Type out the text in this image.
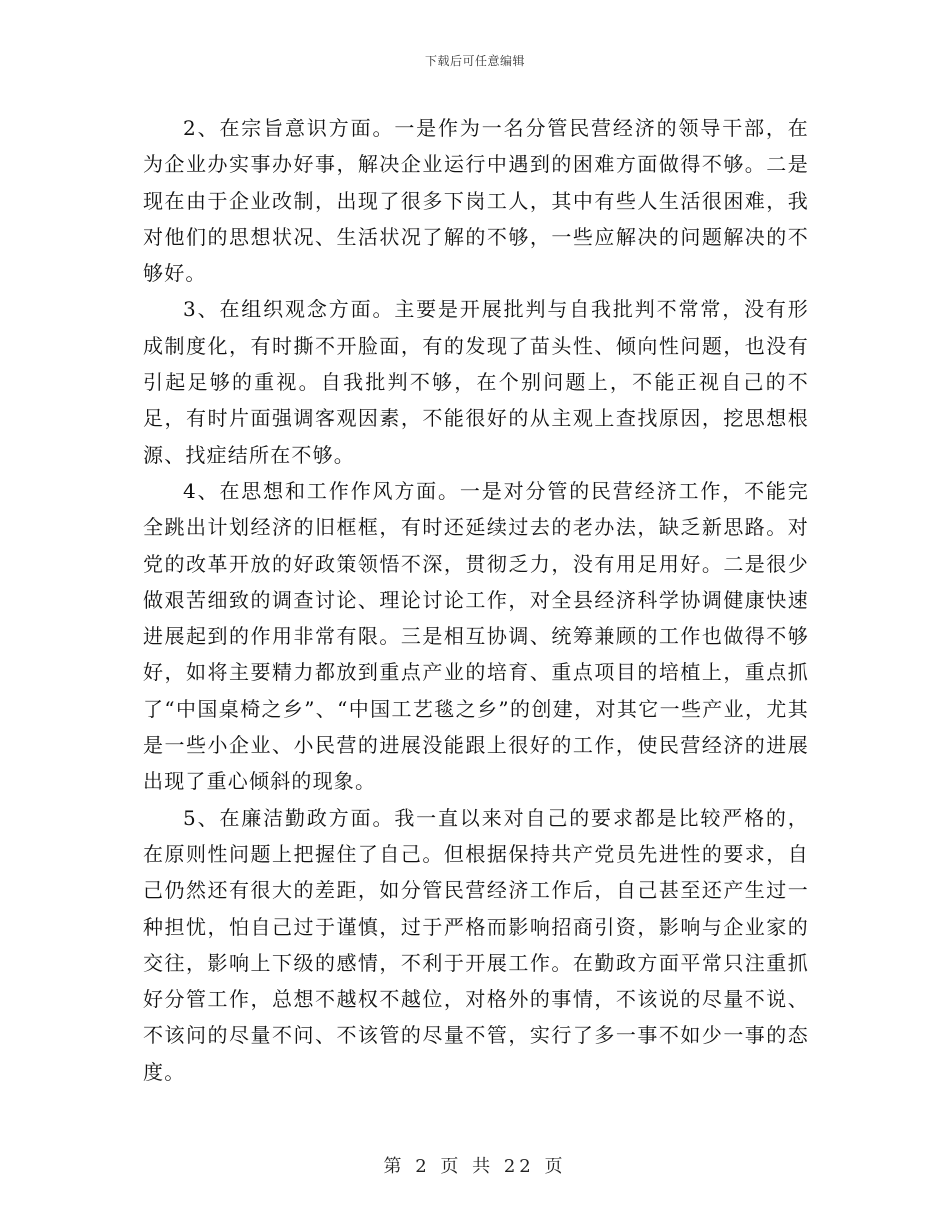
下载后可任意编辑

2、在宗旨意识方面。一是作为一名分管民营经济的领导干部，在为企业办实事办好事，解决企业运行中遇到的困难方面做得不够。二是现在由于企业改制，出现了很多下岗工人，其中有些人生活很困难，我对他们的思想状况、生活状况了解的不够，一些应解决的问题解决的不够好。

3、在组织观念方面。主要是开展批判与自我批判不常常，没有形成制度化，有时撕不开脸面，有的发现了苗头性、倾向性问题，也没有引起足够的重视。自我批判不够，在个别问题上，不能正视自己的不足，有时片面强调客观因素，不能很好的从主观上查找原因，挖思想根源、找症结所在不够。

4、在思想和工作作风方面。一是对分管的民营经济工作，不能完全跳出计划经济的旧框框，有时还延续过去的老办法，缺乏新思路。对党的改革开放的好政策领悟不深，贯彻乏力，没有用足用好。二是很少做艰苦细致的调查讨论、理论讨论工作，对全县经济科学协调健康快速进展起到的作用非常有限。三是相互协调、统筹兼顾的工作也做得不够好，如将主要精力都放到重点产业的培育、重点项目的培植上，重点抓了“中国桌椅之乡”、“中国工艺毯之乡”的创建，对其它一些产业，尤其是一些小企业、小民营的进展没能跟上很好的工作，使民营经济的进展出现了重心倾斜的现象。

5、在廉洁勤政方面。我一直以来对自己的要求都是比较严格的，在原则性问题上把握住了自己。但根据保持共产党员先进性的要求，自己仍然还有很大的差距，如分管民营经济工作后，自己甚至还产生过一种担忧，怕自己过于谨慎，过于严格而影响招商引资，影响与企业家的交往，影响上下级的感情，不利于开展工作。在勤政方面平常只注重抓好分管工作，总想不越权不越位，对格外的事情，不该说的尽量不说、不该问的尽量不问、不该管的尽量不管，实行了多一事不如少一事的态度。

第 2 页 共 22 页
